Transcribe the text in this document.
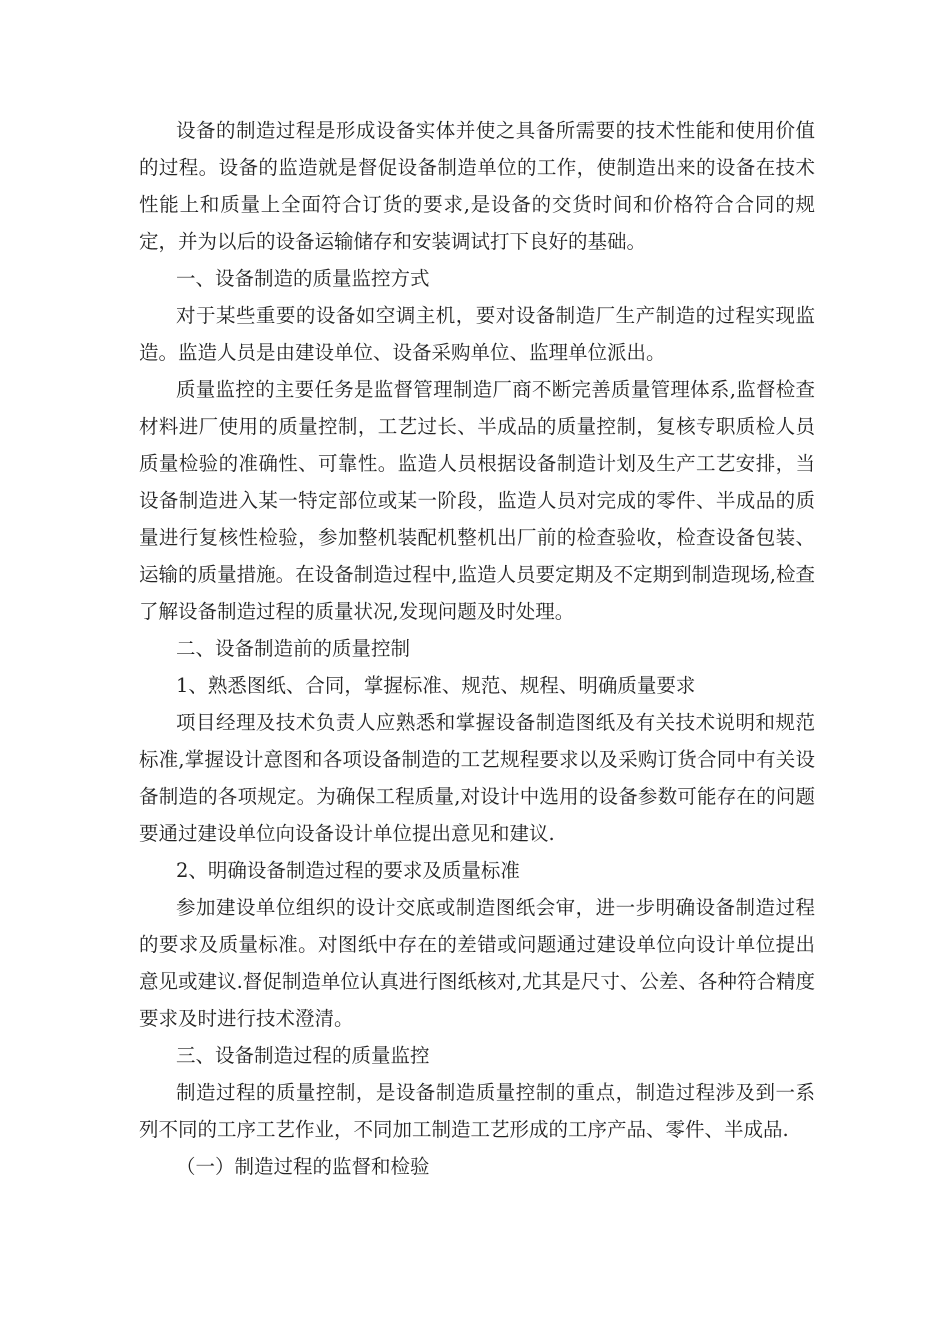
设备的制造过程是形成设备实体并使之具备所需要的技术性能和使用价值的过程。设备的监造就是督促设备制造单位的工作，使制造出来的设备在技术性能上和质量上全面符合订货的要求,是设备的交货时间和价格符合合同的规定，并为以后的设备运输储存和安装调试打下良好的基础。

一、设备制造的质量监控方式

对于某些重要的设备如空调主机，要对设备制造厂生产制造的过程实现监造。监造人员是由建设单位、设备采购单位、监理单位派出。

质量监控的主要任务是监督管理制造厂商不断完善质量管理体系,监督检查材料进厂使用的质量控制，工艺过长、半成品的质量控制，复核专职质检人员质量检验的准确性、可靠性。监造人员根据设备制造计划及生产工艺安排，当设备制造进入某一特定部位或某一阶段，监造人员对完成的零件、半成品的质量进行复核性检验，参加整机装配机整机出厂前的检查验收，检查设备包装、运输的质量措施。在设备制造过程中,监造人员要定期及不定期到制造现场,检查了解设备制造过程的质量状况,发现问题及时处理。

二、设备制造前的质量控制

1、熟悉图纸、合同，掌握标准、规范、规程、明确质量要求

项目经理及技术负责人应熟悉和掌握设备制造图纸及有关技术说明和规范标准,掌握设计意图和各项设备制造的工艺规程要求以及采购订货合同中有关设备制造的各项规定。为确保工程质量,对设计中选用的设备参数可能存在的问题要通过建设单位向设备设计单位提出意见和建议.

2、明确设备制造过程的要求及质量标准

参加建设单位组织的设计交底或制造图纸会审，进一步明确设备制造过程的要求及质量标准。对图纸中存在的差错或问题通过建设单位向设计单位提出意见或建议.督促制造单位认真进行图纸核对,尤其是尺寸、公差、各种符合精度要求及时进行技术澄清。

三、设备制造过程的质量监控

制造过程的质量控制，是设备制造质量控制的重点，制造过程涉及到一系列不同的工序工艺作业，不同加工制造工艺形成的工序产品、零件、半成品.

（一）制造过程的监督和检验
